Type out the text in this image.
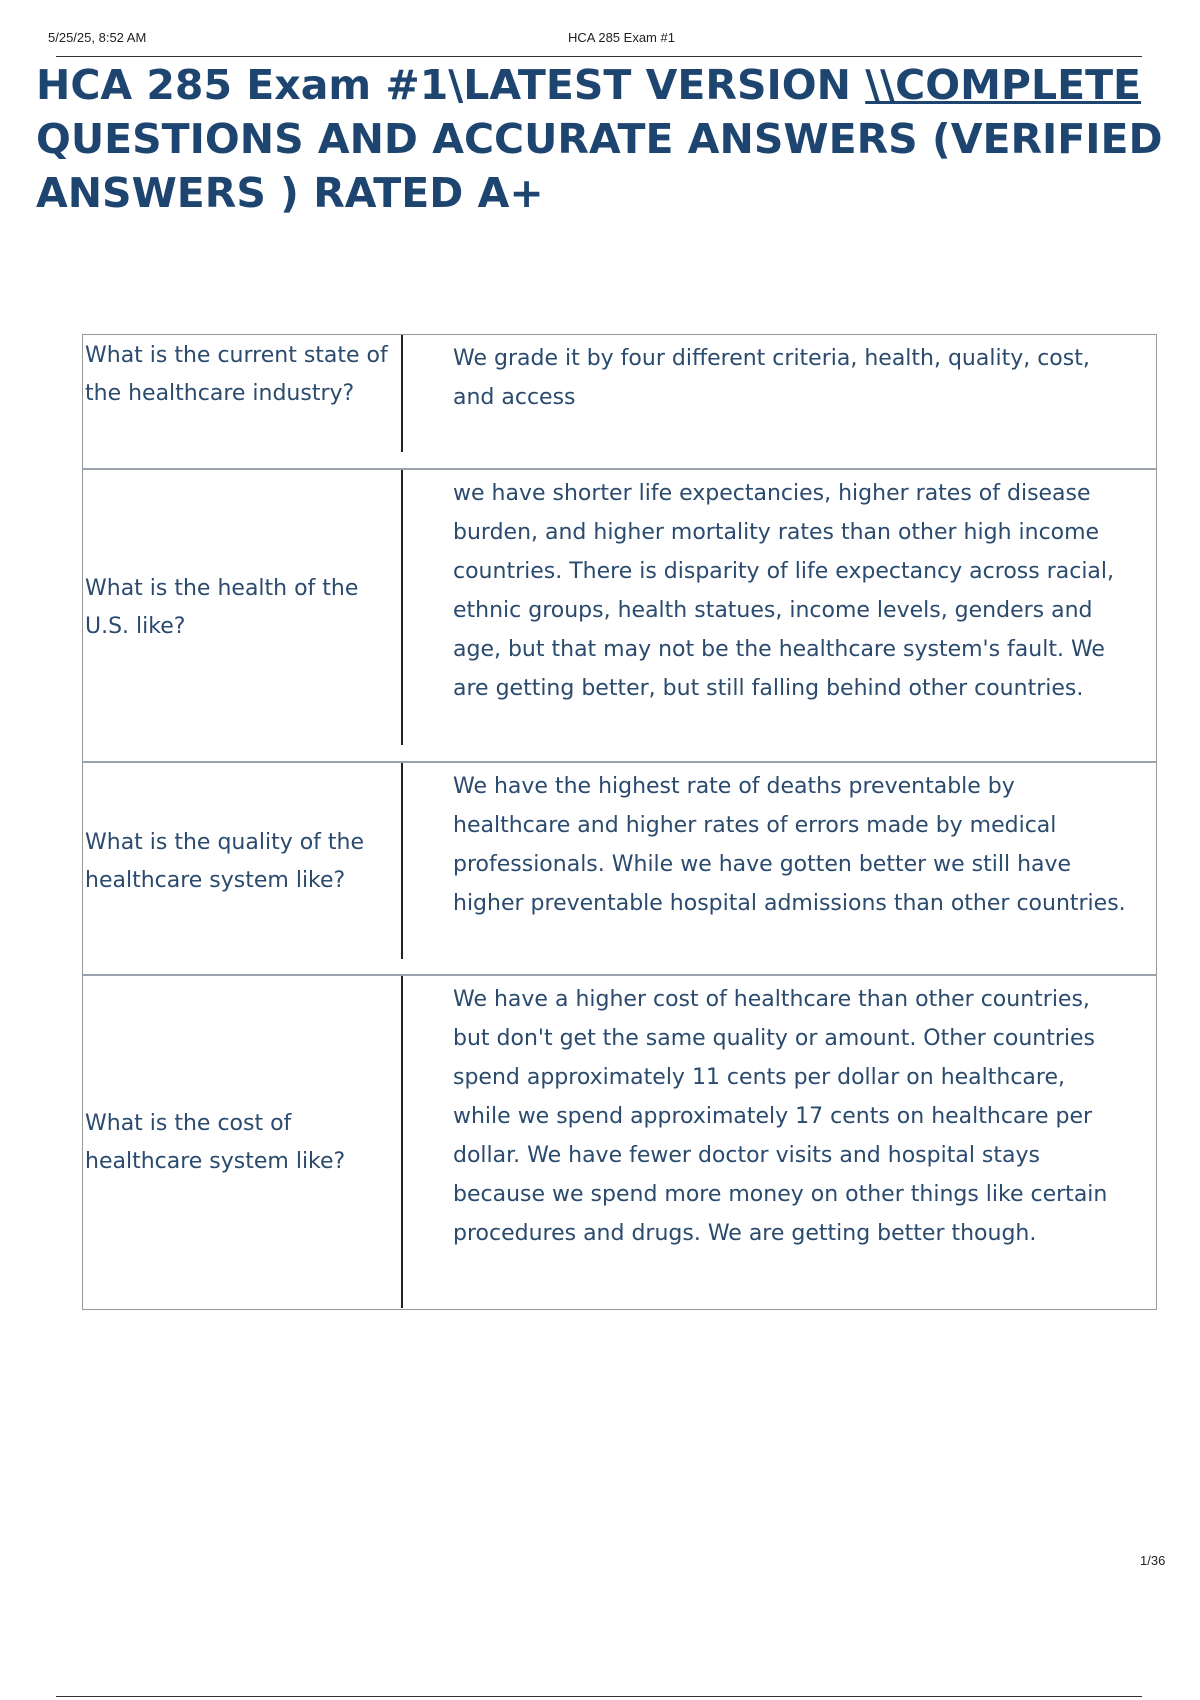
5/25/25, 8:52 AM	HCA 285 Exam #1
HCA 285 Exam #1\LATEST VERSION \\COMPLETE QUESTIONS AND ACCURATE ANSWERS (VERIFIED ANSWERS ) RATED A+
What is the current state of the healthcare industry?	We grade it by four different criteria, health, quality, cost, and access

What is the health of the U.S. like?	we have shorter life expectancies, higher rates of disease burden, and higher mortality rates than other high income countries. There is disparity of life expectancy across racial, ethnic groups, health statues, income levels, genders and age, but that may not be the healthcare system's fault. We are getting better, but still falling behind other countries.

What is the quality of the healthcare system like?	We have the highest rate of deaths preventable by healthcare and higher rates of errors made by medical professionals. While we have gotten better we still have higher preventable hospital admissions than other countries.

What is the cost of healthcare system like?	We have a higher cost of healthcare than other countries, but don't get the same quality or amount. Other countries spend approximately 11 cents per dollar on healthcare, while we spend approximately 17 cents on healthcare per dollar. We have fewer doctor visits and hospital stays because we spend more money on other things like certain procedures and drugs. We are getting better though.
1/36
